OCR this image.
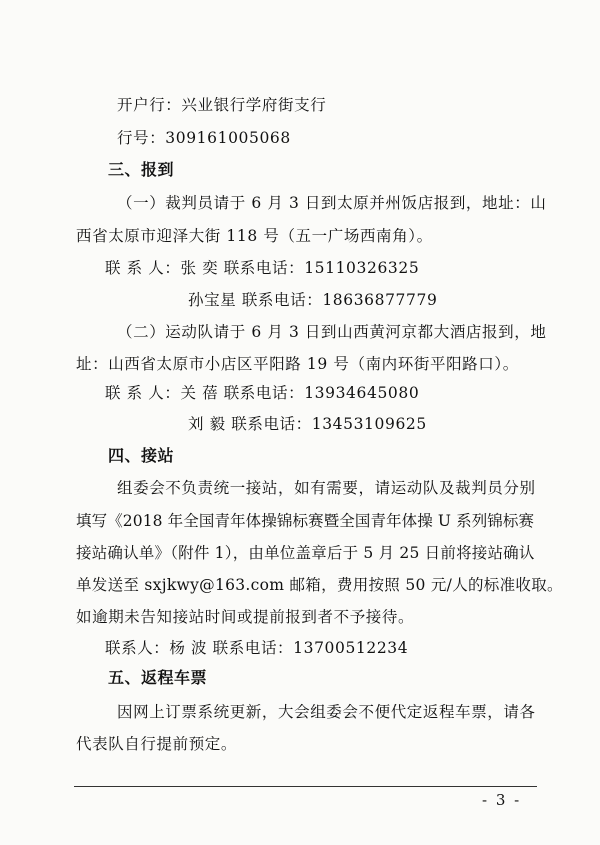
开户行：兴业银行学府街支行
行号：309161005068
三、报到
（一）裁判员请于 6 月 3 日到太原并州饭店报到，地址：山
西省太原市迎泽大街 118 号（五一广场西南角）。
联 系 人：张 奕 联系电话：15110326325
孙宝星 联系电话：18636877779
（二）运动队请于 6 月 3 日到山西黄河京都大酒店报到，地
址：山西省太原市小店区平阳路 19 号（南内环街平阳路口）。
联 系 人：关 蓓 联系电话：13934645080
刘 毅 联系电话：13453109625
四、接站
组委会不负责统一接站，如有需要，请运动队及裁判员分别
填写《2018 年全国青年体操锦标赛暨全国青年体操 U 系列锦标赛
接站确认单》（附件 1），由单位盖章后于 5 月 25 日前将接站确认
单发送至 sxjkwy@163.com 邮箱，费用按照 50 元/人的标准收取。
如逾期未告知接站时间或提前报到者不予接待。
联系人：杨 波 联系电话：13700512234
五、返程车票
因网上订票系统更新，大会组委会不便代定返程车票，请各
代表队自行提前预定。
- 3 -
